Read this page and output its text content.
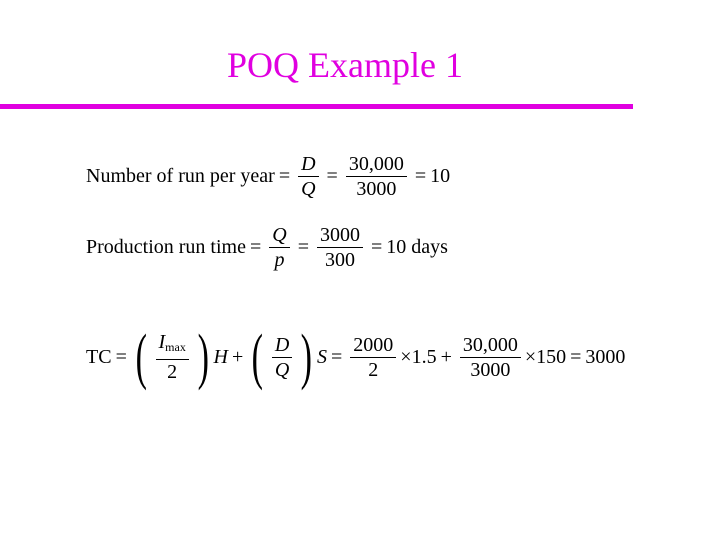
POQ Example 1
Number of run per year = $\frac{D}{Q} = \frac{30,000}{3000} = 10$
Production run time = $\frac{Q}{p} = \frac{3000}{300} = 10$ days
TC = ( $\frac{I_{max}}{2}$ ) H + ( $\frac{D}{Q}$ ) $S = \frac{2000}{2} \times 1.5 + \frac{30,000}{3000} \times 150 = 3000$
